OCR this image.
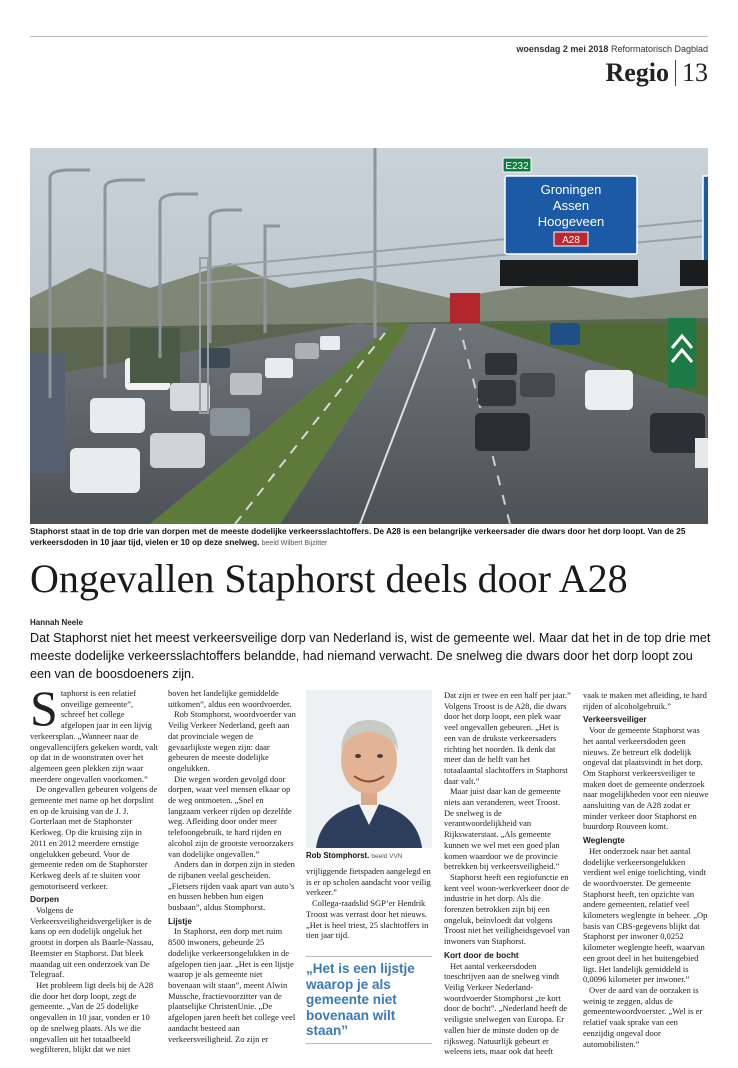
woensdag 2 mei 2018 Reformatorisch Dagblad
Regio 13
E232
Groningen
Assen
Hoogeveen
A28
Staphorst staat in de top drie van dorpen met de meeste dodelijke verkeersslachtoffers. De A28 is een belangrijke verkeersader die dwars door het dorp loopt. Van de 25 verkeersdoden in 10 jaar tijd, vielen er 10 op deze snelweg. beeld Wilbert Bijzitter
Ongevallen Staphorst deels door A28
Hannah Neele
Dat Staphorst niet het meest verkeersveilige dorp van Nederland is, wist de gemeente wel. Maar dat het in de top drie met meeste dodelijke verkeersslachtoffers belandde, had niemand verwacht. De snelweg die dwars door het dorp loopt zou een van de boosdoeners zijn.
S taphorst is een relatief onveilige gemeente”, schreef het college afgelopen jaar in een lijvig verkeersplan. „Wanneer naar de ongevallencijfers gekeken wordt, valt op dat in de woonstraten over het algemeen geen plekken zijn waar meerdere ongevallen voorkomen.”

De ongevallen gebeuren volgens de gemeente met name op het dorpslint en op de kruising van de J. J. Gorterlaan met de Staphorster Kerkweg. Op die kruising zijn in 2011 en 2012 meerdere ernstige ongelukken gebeurd. Voor de gemeente reden om de Staphorster Kerkweg deels af te sluiten voor gemotoriseerd verkeer.

Dorpen

Volgens de Verkeersveiligheidsvergelijker is de kans op een dodelijk ongeluk het grootst in dorpen als Baarle-Nassau, Beemster en Staphorst. Dat bleek maandag uit een onderzoek van De Telegraaf.

Het probleem ligt deels bij de A28 die door het dorp loopt, zegt de gemeente. „Van de 25 dodelijke ongevallen in 10 jaar, vonden er 10 op de snelweg plaats. Als we die ongevallen uit het totaalbeeld wegfilteren, blijkt dat we niet

boven het landelijke gemiddelde uitkomen”, aldus een woordvoerder.

Rob Stomphorst, woordvoerder van Veilig Verkeer Nederland, geeft aan dat provinciale wegen de gevaarlijkste wegen zijn: daar gebeuren de meeste dodelijke ongelukken.

Die wegen worden gevolgd door dorpen, waar veel mensen elkaar op de weg ontmoeten. „Snel en langzaam verkeer rijden op dezelfde weg. Afleiding door onder meer telefoongebruik, te hard rijden en alcohol zijn de grootste veroorzakers van dodelijke ongevallen.”

Anders dan in dorpen zijn in steden de rijbanen veelal gescheiden. „Fietsers rijden vaak apart van auto’s en bussen hebben hun eigen busbaan”, aldus Stomphorst.

Lijstje

In Staphorst, een dorp met ruim 8500 inwoners, gebeurde 25 dodelijke verkeersongelukken in de afgelopen tien jaar. „Het is een lijstje waarop je als gemeente niet bovenaan wilt staan”, meent Alwin Mussche, fractievoorzitter van de plaatselijke ChristenUnie. „De afgelopen jaren heeft het college veel aandacht besteed aan verkeersveiligheid. Zo zijn er

Rob Stomphorst. beeld VVN

vrijliggende fietspaden aangelegd en is er op scholen aandacht voor veilig verkeer.”

Collega-raadslid SGP’er Hendrik Troost was verrast door het nieuws. „Het is heel triest, 25 slachtoffers in tien jaar tijd.

„Het is een lijstje waarop je als gemeente niet bovenaan wilt staan”

Dat zijn er twee en een half per jaar.” Volgens Troost is de A28, die dwars door het dorp loopt, een plek waar veel ongevallen gebeuren. „Het is een van de drukste verkeersaders richting het noorden. Ik denk dat meer dan de helft van het totaalaantal slachtoffers in Staphorst daar valt.”

Maar juist daar kan de gemeente niets aan veranderen, weet Troost. De snelweg is de verantwoordelijkheid van Rijkswaterstaat. „Als gemeente kunnen we wel met een goed plan komen waardoor we de provincie betrekken bij verkeersveiligheid.”

Staphorst heeft een regiofunctie en kent veel woon-werkverkeer door de industrie in het dorp. Als die forenzen betrokken zijn bij een ongeluk, beïnvloedt dat volgens Troost niet het veiligheidsgevoel van inwoners van Staphorst.

Kort door de bocht

Het aantal verkeersdoden toeschrijven aan de snelweg vindt Veilig Verkeer Nederland-woordvoerder Stomphorst „te kort door de bocht”. „Nederland heeft de veiligste snelwegen van Europa. Er vallen hier de minste doden op de rijksweg. Natuurlijk gebeurt er weleens iets, maar ook dat heeft

vaak te maken met afleiding, te hard rijden of alcoholgebruik.”

Verkeersveiliger

Voor de gemeente Staphorst was het aantal verkeersdoden geen nieuws. Ze betreurt elk dodelijk ongeval dat plaatsvindt in het dorp. Om Staphorst verkeersveiliger te maken doet de gemeente onderzoek naar mogelijkheden voor een nieuwe aansluiting van de A28 zodat er minder verkeer door Staphorst en buurdorp Rouveen komt.

Weglengte

Het onderzoek naar het aantal dodelijke verkeersongelukken verdient wel enige toelichting, vindt de woordvoerster. De gemeente Staphorst heeft, ten opzichte van andere gemeenten, relatief veel kilometers weglengte in beheer. „Op basis van CBS-gegevens blijkt dat Staphorst per inwoner 0,0252 kilometer weglengte heeft, waarvan een groot deel in het buitengebied ligt. Het landelijk gemiddeld is 0,0096 kilometer per inwoner.”

Over de aard van de oorzaken is weinig te zeggen, aldus de gemeentewoordvoerster. „Wel is er relatief vaak sprake van een eenzijdig ongeval door automobilisten.”
